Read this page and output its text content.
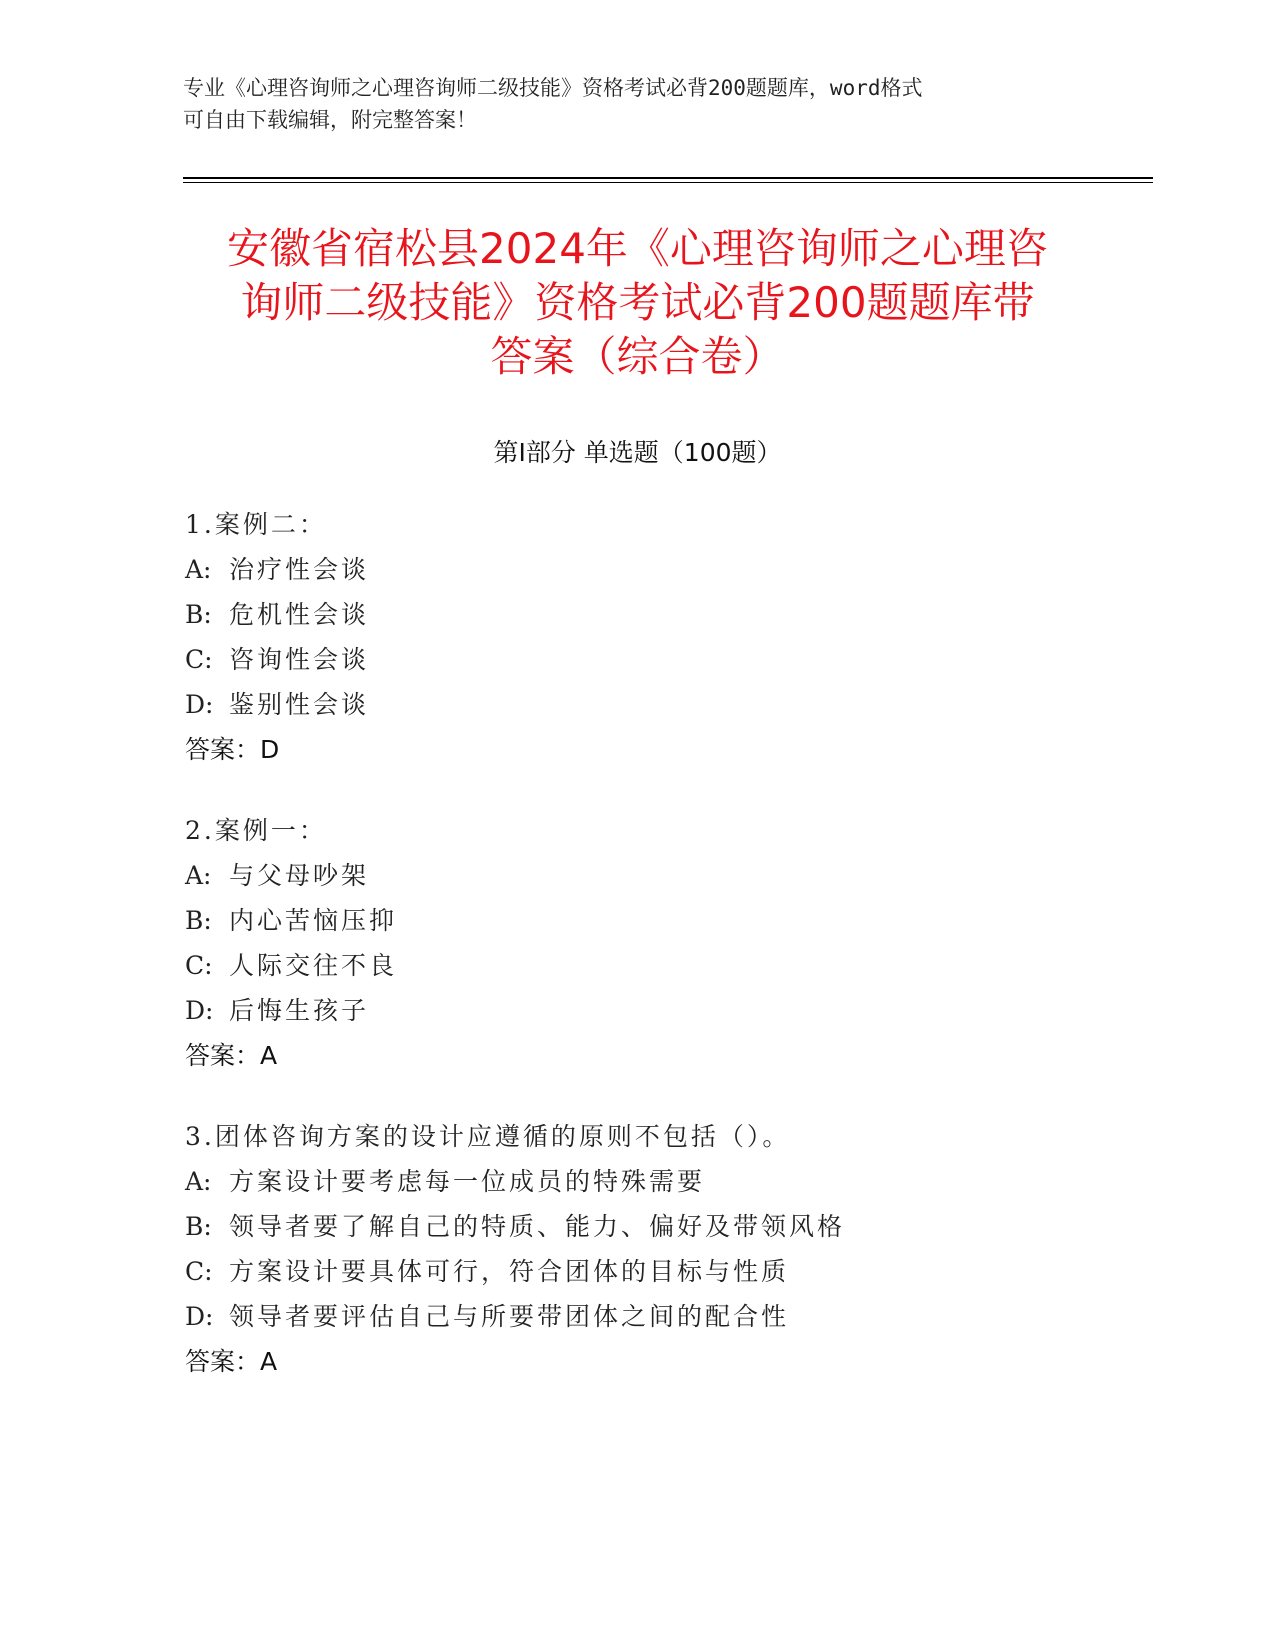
专业《心理咨询师之心理咨询师二级技能》资格考试必背200题题库，word格式
可自由下载编辑，附完整答案！
安徽省宿松县2024年《心理咨询师之心理咨
询师二级技能》资格考试必背200题题库带
答案（综合卷）
第Ⅰ部分 单选题（100题）
1.案例二：
A: 治疗性会谈
B: 危机性会谈
C: 咨询性会谈
D: 鉴别性会谈
答案：D
2.案例一：
A: 与父母吵架
B: 内心苦恼压抑
C: 人际交往不良
D: 后悔生孩子
答案：A
3.团体咨询方案的设计应遵循的原则不包括（）。
A: 方案设计要考虑每一位成员的特殊需要
B: 领导者要了解自己的特质、能力、偏好及带领风格
C: 方案设计要具体可行，符合团体的目标与性质
D: 领导者要评估自己与所要带团体之间的配合性
答案：A
